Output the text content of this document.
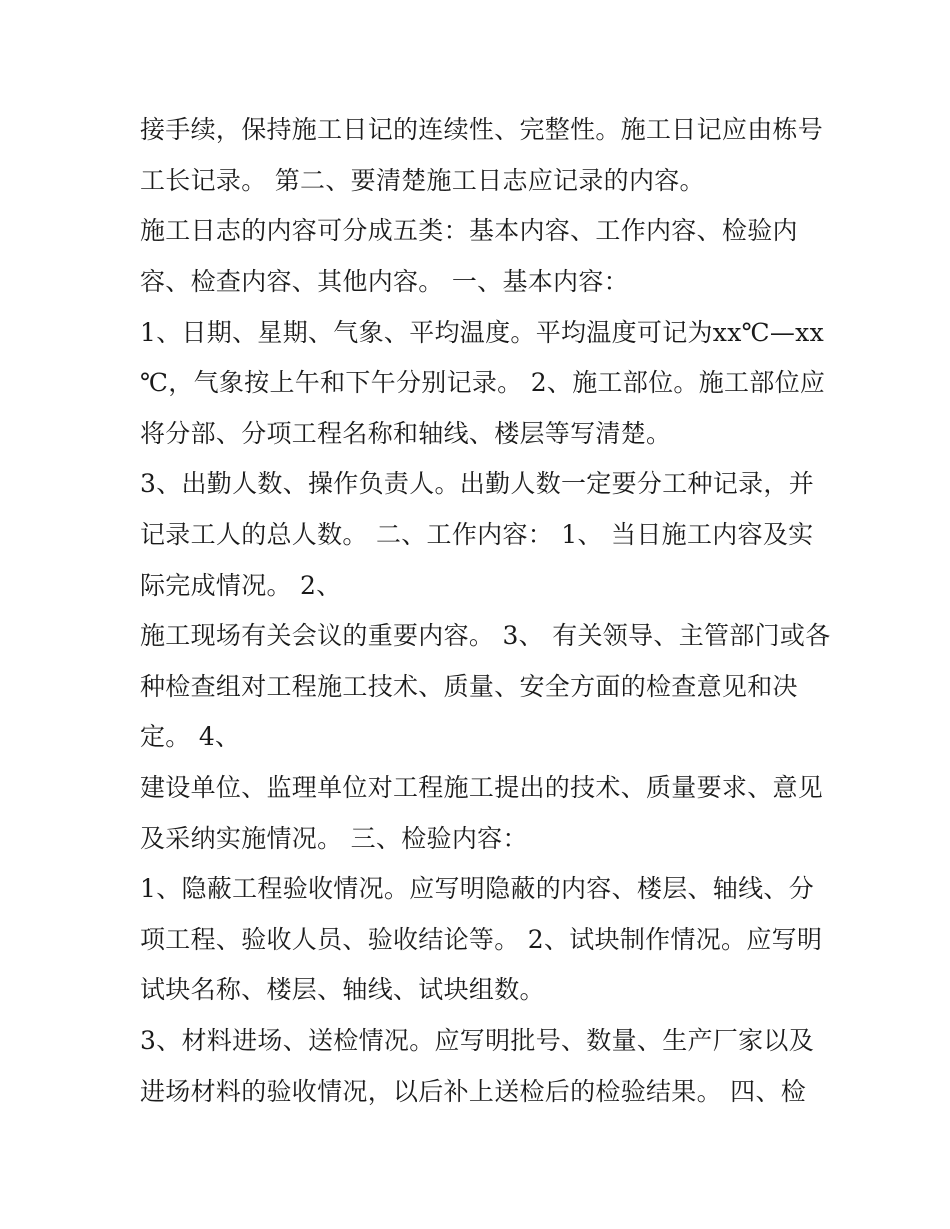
接手续，保持施工日记的连续性、完整性。施工日记应由栋号
工长记录。 第二、要清楚施工日志应记录的内容。
施工日志的内容可分成五类：基本内容、工作内容、检验内
容、检查内容、其他内容。 一、基本内容：
1、日期、星期、气象、平均温度。平均温度可记为xx℃—xx
℃，气象按上午和下午分别记录。 2、施工部位。施工部位应
将分部、分项工程名称和轴线、楼层等写清楚。
3、出勤人数、操作负责人。出勤人数一定要分工种记录，并
记录工人的总人数。 二、工作内容： 1、 当日施工内容及实
际完成情况。 2、
施工现场有关会议的重要内容。 3、 有关领导、主管部门或各
种检查组对工程施工技术、质量、安全方面的检查意见和决
定。 4、
建设单位、监理单位对工程施工提出的技术、质量要求、意见
及采纳实施情况。 三、检验内容：
1、隐蔽工程验收情况。应写明隐蔽的内容、楼层、轴线、分
项工程、验收人员、验收结论等。 2、试块制作情况。应写明
试块名称、楼层、轴线、试块组数。
3、材料进场、送检情况。应写明批号、数量、生产厂家以及
进场材料的验收情况，以后补上送检后的检验结果。 四、检
